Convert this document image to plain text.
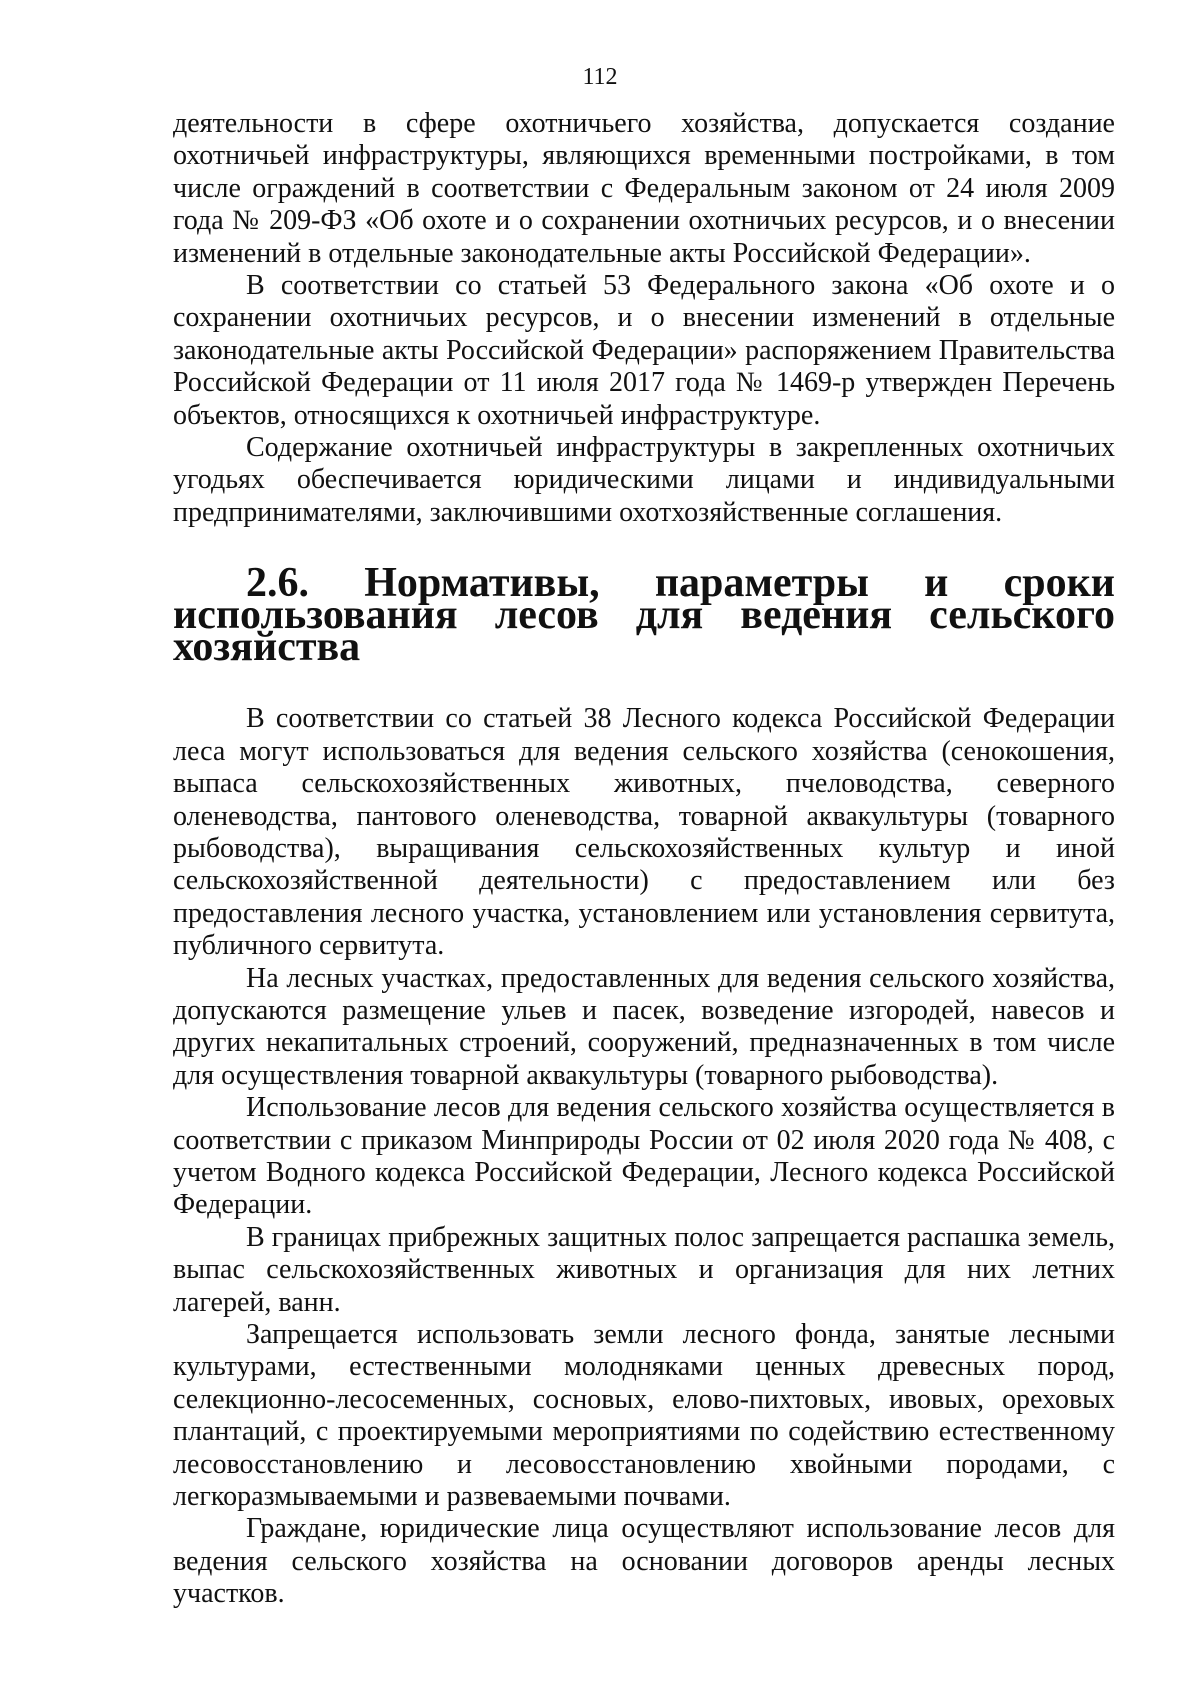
112

деятельности в сфере охотничьего хозяйства, допускается создание охотничьей инфраструктуры, являющихся временными постройками, в том числе ограждений в соответствии с Федеральным законом от 24 июля 2009 года № 209-ФЗ «Об охоте и о сохранении охотничьих ресурсов, и о внесении изменений в отдельные законодательные акты Российской Федерации».

В соответствии со статьей 53 Федерального закона «Об охоте и о сохранении охотничьих ресурсов, и о внесении изменений в отдельные законодательные акты Российской Федерации» распоряжением Правительства Российской Федерации от 11 июля 2017 года № 1469-р утвержден Перечень объектов, относящихся к охотничьей инфраструктуре.

Содержание охотничьей инфраструктуры в закрепленных охотничьих угодьях обеспечивается юридическими лицами и индивидуальными предпринимателями, заключившими охотхозяйственные соглашения.

2.6. Нормативы, параметры и сроки использования лесов для ведения сельского хозяйства

В соответствии со статьей 38 Лесного кодекса Российской Федерации леса могут использоваться для ведения сельского хозяйства (сенокошения, выпаса сельскохозяйственных животных, пчеловодства, северного оленеводства, пантового оленеводства, товарной аквакультуры (товарного рыбоводства), выращивания сельскохозяйственных культур и иной сельскохозяйственной деятельности) с предоставлением или без предоставления лесного участка, установлением или установления сервитута, публичного сервитута.

На лесных участках, предоставленных для ведения сельского хозяйства, допускаются размещение ульев и пасек, возведение изгородей, навесов и других некапитальных строений, сооружений, предназначенных в том числе для осуществления товарной аквакультуры (товарного рыбоводства).

Использование лесов для ведения сельского хозяйства осуществляется в соответствии с приказом Минприроды России от 02 июля 2020 года № 408, с учетом Водного кодекса Российской Федерации, Лесного кодекса Российской Федерации.

В границах прибрежных защитных полос запрещается распашка земель, выпас сельскохозяйственных животных и организация для них летних лагерей, ванн.

Запрещается использовать земли лесного фонда, занятые лесными культурами, естественными молодняками ценных древесных пород, селекционно-лесосеменных, сосновых, елово-пихтовых, ивовых, ореховых плантаций, с проектируемыми мероприятиями по содействию естественному лесовосстановлению и лесовосстановлению хвойными породами, с легкоразмываемыми и развеваемыми почвами.

Граждане, юридические лица осуществляют использование лесов для ведения сельского хозяйства на основании договоров аренды лесных участков.
